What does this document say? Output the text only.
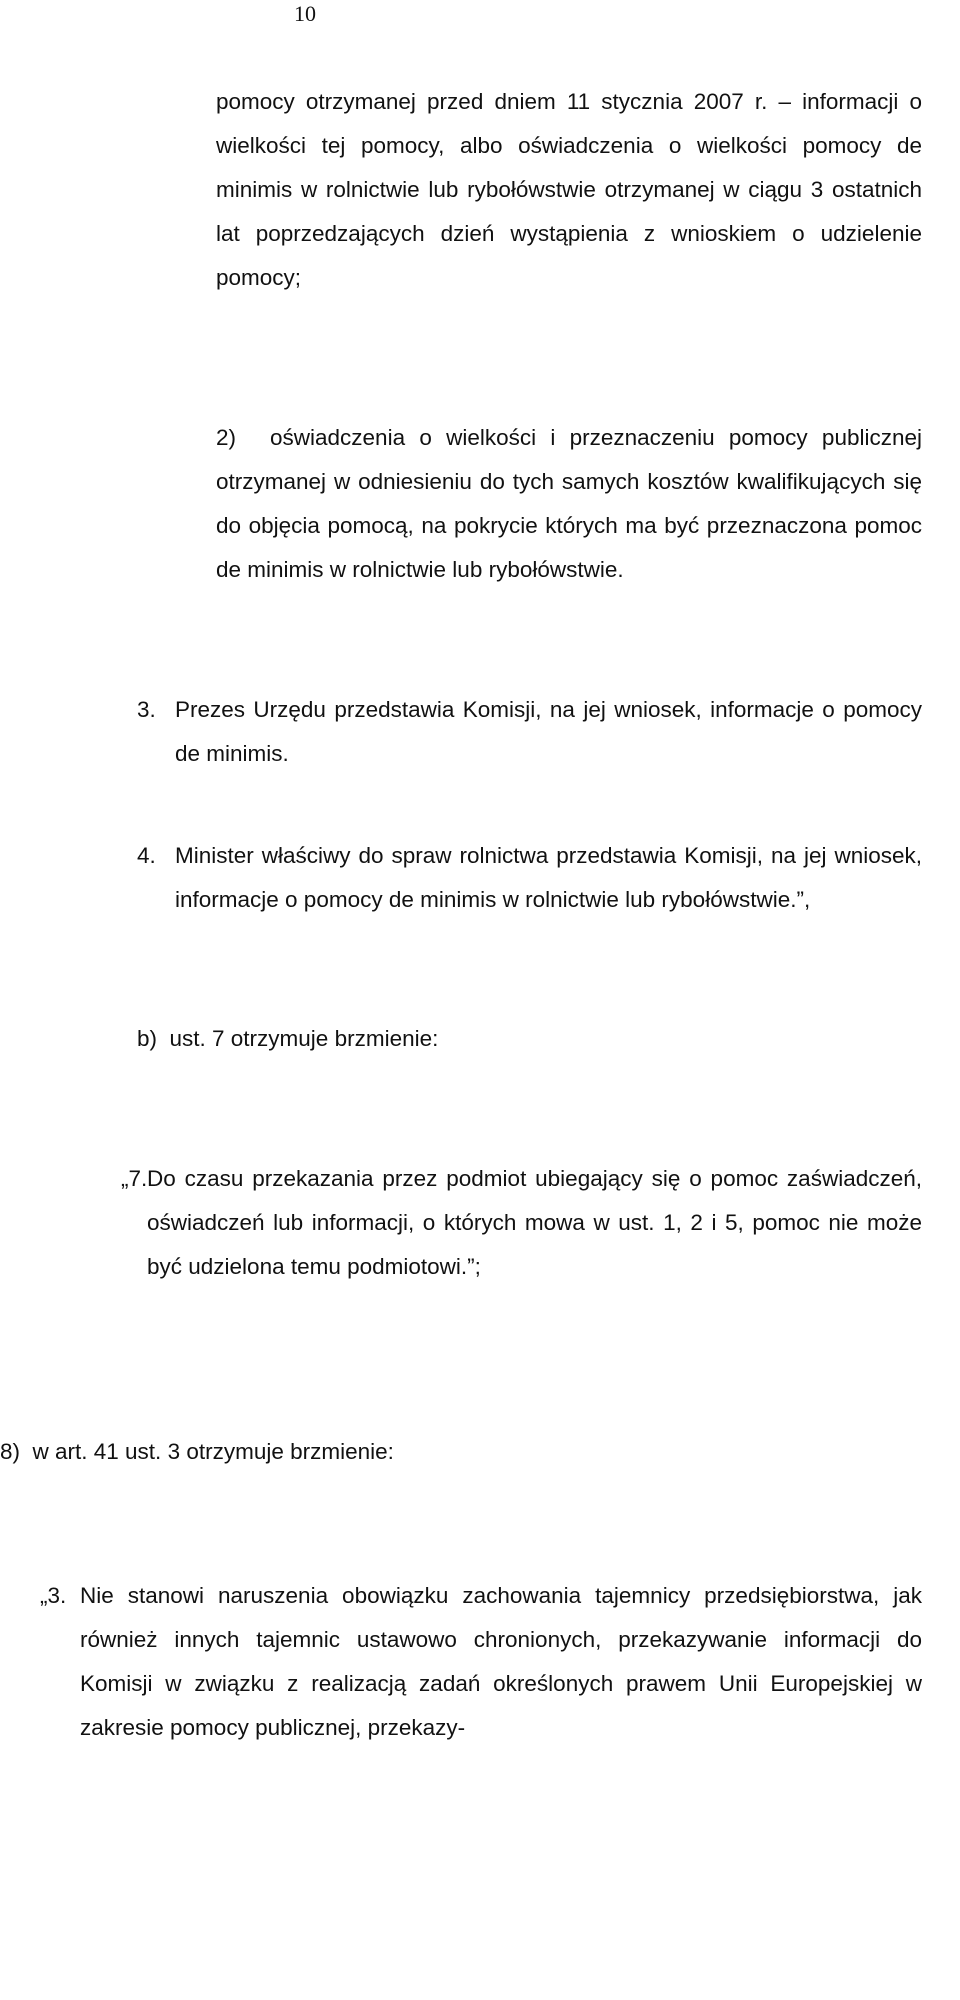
10
pomocy otrzymanej przed dniem 11 stycznia 2007 r. – informacji o wielkości tej pomocy, albo oświadczenia o wielkości pomocy de minimis w rolnictwie lub rybołówstwie otrzymanej w ciągu 3 ostatnich lat poprzedzających dzień wystąpienia z wnioskiem o udzielenie pomocy;
2)	oświadczenia o wielkości i przeznaczeniu pomocy publicznej otrzymanej w odniesieniu do tych samych kosztów kwalifikujących się do objęcia pomocą, na pokrycie których ma być przeznaczona pomoc de minimis w rolnictwie lub rybołówstwie.
3. Prezes Urzędu przedstawia Komisji, na jej wniosek, informacje o pomocy de minimis.
4. Minister właściwy do spraw rolnictwa przedstawia Komisji, na jej wniosek, informacje o pomocy de minimis w rolnictwie lub rybołówstwie.”,
b)  ust. 7 otrzymuje brzmienie:
„7. Do czasu przekazania przez podmiot ubiegający się o pomoc zaświadczeń, oświadczeń lub informacji, o których mowa w ust. 1, 2 i 5, pomoc nie może być udzielona temu podmiotowi.”;
8)  w art. 41 ust. 3 otrzymuje brzmienie:
„3. Nie stanowi naruszenia obowiązku zachowania tajemnicy przedsiębiorstwa, jak również innych tajemnic ustawowo chronionych, przekazywanie informacji do Komisji w związku z realizacją zadań określonych prawem Unii Europejskiej w zakresie pomocy publicznej, przekazy-
